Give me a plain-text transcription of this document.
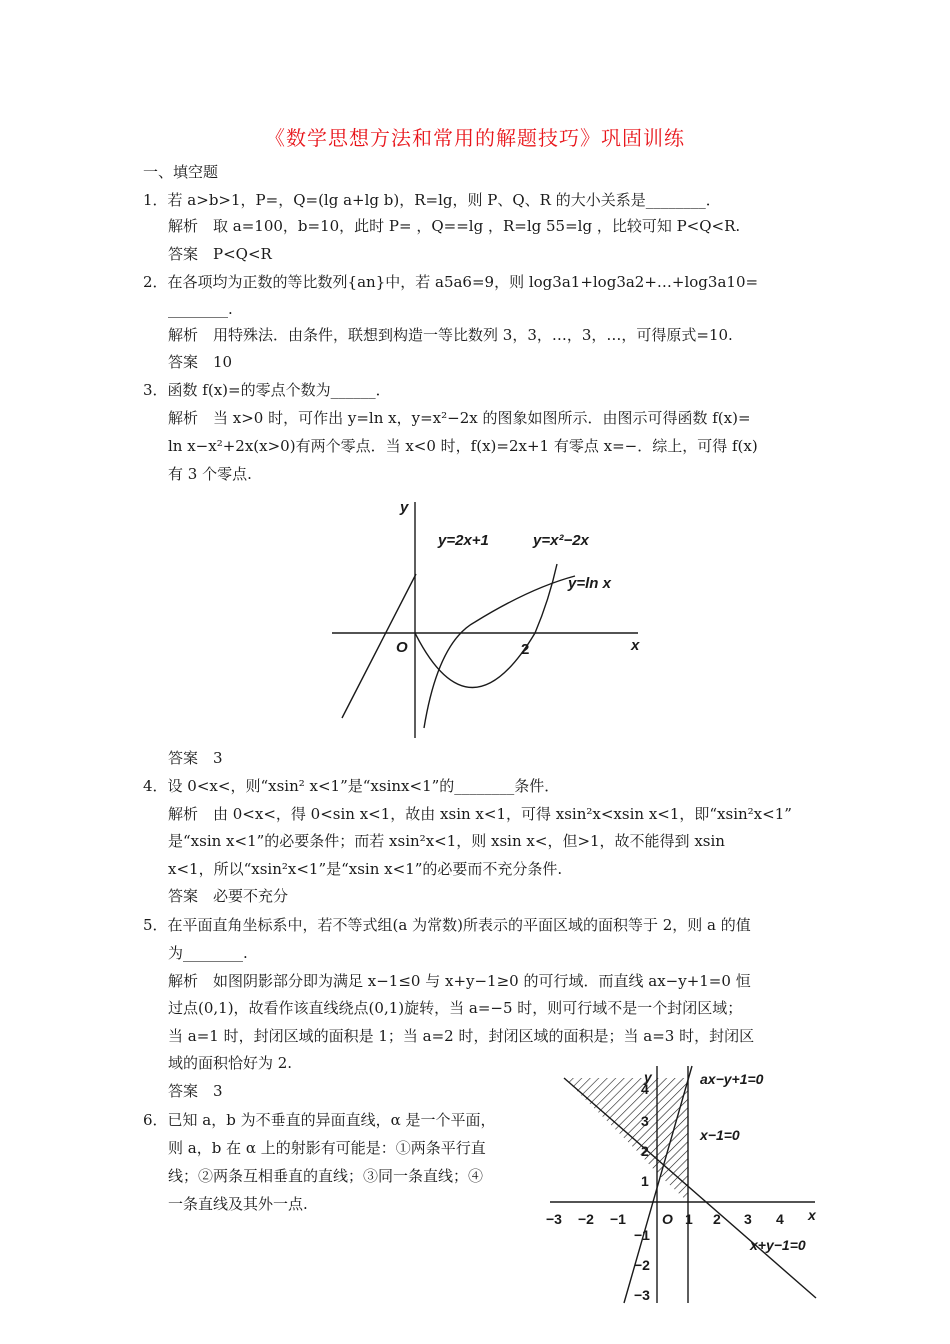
《数学思想方法和常用的解题技巧》巩固训练
一、填空题
1．若 a>b>1，P=，Q=(lg a+lg b)，R=lg，则 P、Q、R 的大小关系是________．
解析　取 a=100，b=10，此时 P= ，Q==lg ，R=lg 55=lg ，比较可知 P<Q<R.
答案　P<Q<R
2．在各项均为正数的等比数列{an}中，若 a5a6=9，则 log3a1+log3a2+…+log3a10=
________.
解析　用特殊法．由条件，联想到构造一等比数列 3，3，…，3，…，可得原式=10.
答案　10
3．函数 f(x)=的零点个数为______．
解析　当 x>0 时，可作出 y=ln x，y=x²−2x 的图象如图所示．由图示可得函数 f(x)=
ln x−x²+2x(x>0)有两个零点．当 x<0 时，f(x)=2x+1 有零点 x=−．综上，可得 f(x)
有 3 个零点.
y
x
O	2
y=2x+1	y=x²−2x
y=ln x
答案　3
4．设 0<x<，则“xsin² x<1”是“xsinx<1”的________条件．
解析　由 0<x<，得 0<sin x<1，故由 xsin x<1，可得 xsin²x<xsin x<1，即“xsin²x<1”
是“xsin x<1”的必要条件；而若 xsin²x<1，则 xsin x<，但>1，故不能得到 xsin
x<1，所以“xsin²x<1”是“xsin x<1”的必要而不充分条件.
答案　必要不充分
5．在平面直角坐标系中，若不等式组(a 为常数)所表示的平面区域的面积等于 2，则 a 的值
为________.
解析　如图阴影部分即为满足 x−1≤0 与 x+y−1≥0 的可行域．而直线 ax−y+1=0 恒
过点(0,1)，故看作该直线绕点(0,1)旋转，当 a=−5 时，则可行域不是一个封闭区域；
当 a=1 时，封闭区域的面积是 1；当 a=2 时，封闭区域的面积是；当 a=3 时，封闭区
域的面积恰好为 2.
答案　3
6．已知 a，b 为不垂直的异面直线，α 是一个平面，
则 a，b 在 α 上的射影有可能是：①两条平行直
线；②两条互相垂直的直线；③同一条直线；④
一条直线及其外一点.
y
x
O
−3 −2 −1	1 2 3 4
4
3
2
1
−1
−2
−3
ax−y+1=0
x−1=0
x+y−1=0
